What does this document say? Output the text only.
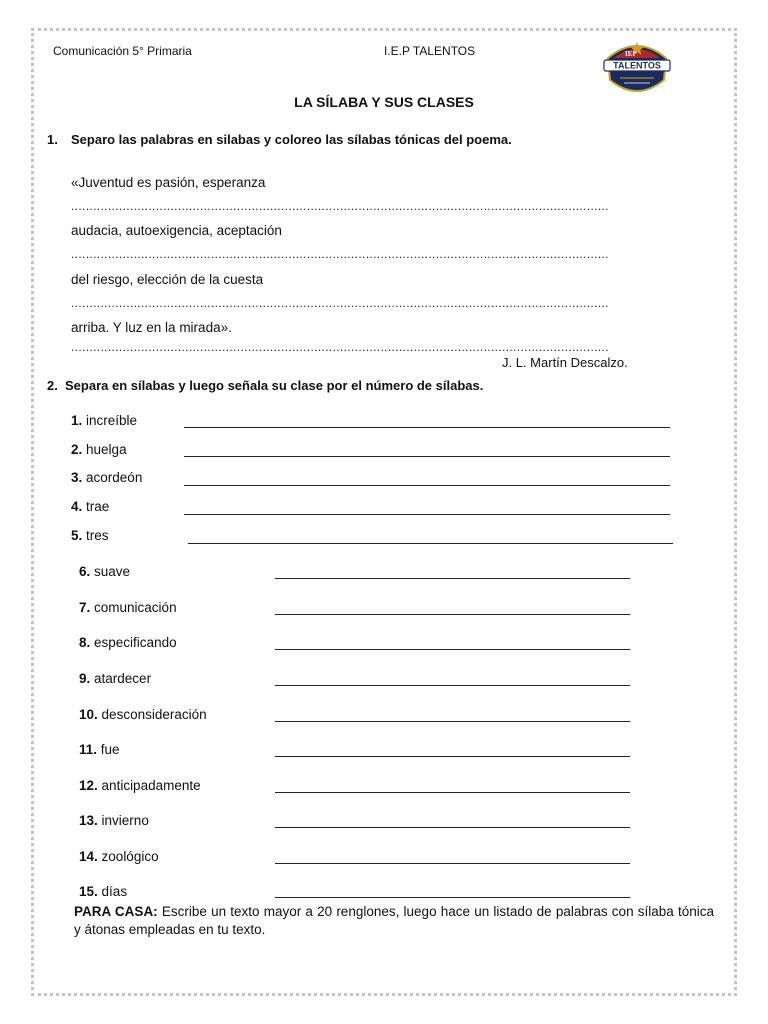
Comunicación 5° Primaria	I.E.P TALENTOS	IEP
TALENTOS
LA SÍLABA Y SUS CLASES
1. Separo las palabras en silabas y coloreo las sílabas tónicas del poema.
«Juventud es pasión, esperanza
..................................................................................................................................................
audacia, autoexigencia, aceptación
..................................................................................................................................................
del riesgo, elección de la cuesta
..................................................................................................................................................
arriba. Y luz en la mirada».
..................................................................................................................................................
J. L. Martín Descalzo.
2. Separa en sílabas y luego señala su clase por el número de sílabas.
1. increíble
2. huelga
3. acordeón
4. trae
5. tres
6. suave
7. comunicación
8. especificando
9. atardecer
10. desconsideración
11. fue
12. anticipadamente
13. invierno
14. zoológico
15. días
PARA CASA: Escribe un texto mayor a 20 renglones, luego hace un listado de palabras con sílaba tónica y átonas empleadas en tu texto.
